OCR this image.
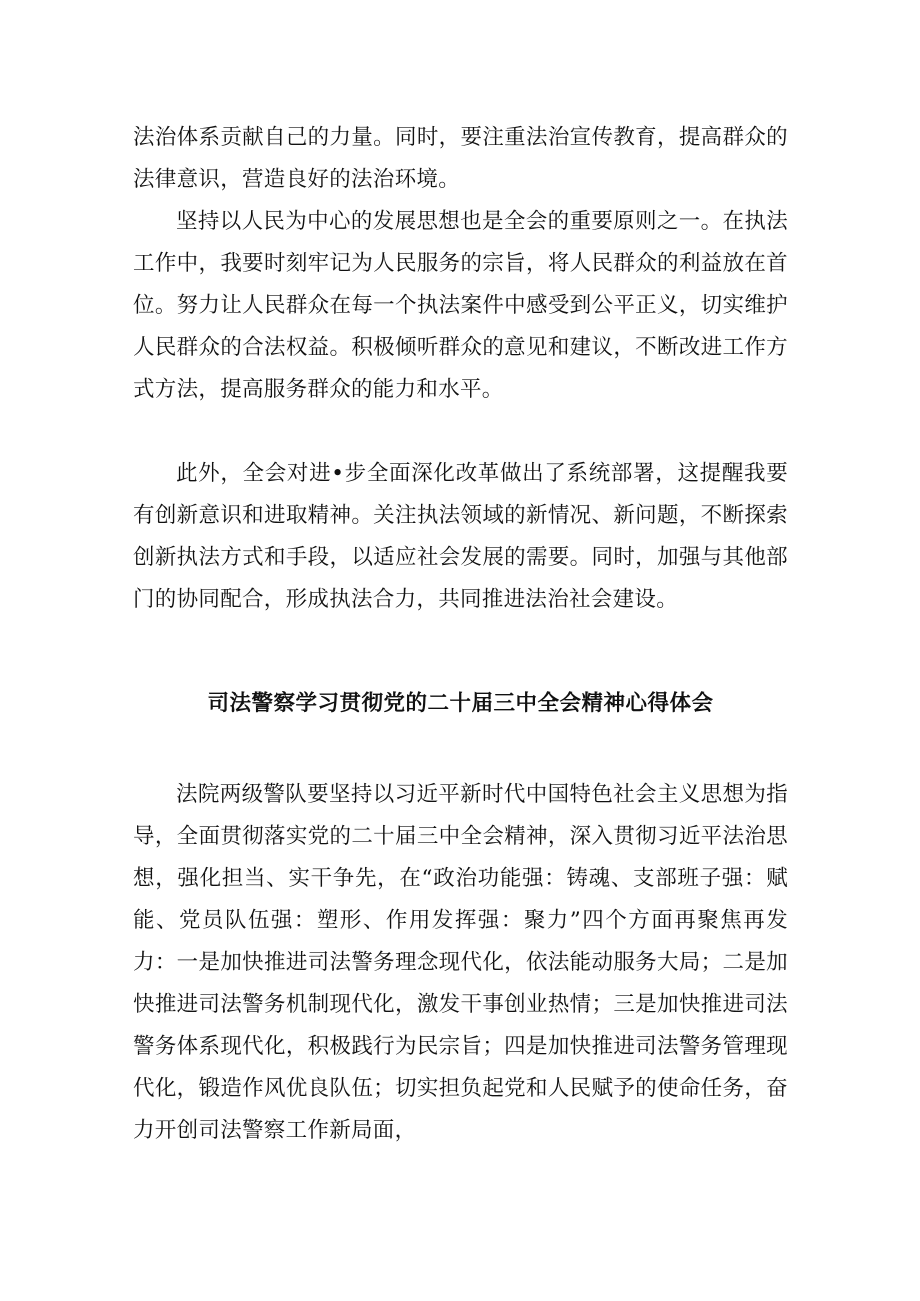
法治体系贡献自己的力量。同时，要注重法治宣传教育，提高群众的法律意识，营造良好的法治环境。

坚持以人民为中心的发展思想也是全会的重要原则之一。在执法工作中，我要时刻牢记为人民服务的宗旨，将人民群众的利益放在首位。努力让人民群众在每一个执法案件中感受到公平正义，切实维护人民群众的合法权益。积极倾听群众的意见和建议，不断改进工作方式方法，提高服务群众的能力和水平。

此外，全会对进•步全面深化改革做出了系统部署，这提醒我要有创新意识和进取精神。关注执法领域的新情况、新问题，不断探索创新执法方式和手段，以适应社会发展的需要。同时，加强与其他部门的协同配合，形成执法合力，共同推进法治社会建设。

司法警察学习贯彻党的二十届三中全会精神心得体会

法院两级警队要坚持以习近平新时代中国特色社会主义思想为指导，全面贯彻落实党的二十届三中全会精神，深入贯彻习近平法治思想，强化担当、实干争先，在“政治功能强：铸魂、支部班子强：赋能、党员队伍强：塑形、作用发挥强：聚力”四个方面再聚焦再发力：一是加快推进司法警务理念现代化，依法能动服务大局；二是加快推进司法警务机制现代化，激发干事创业热情；三是加快推进司法警务体系现代化，积极践行为民宗旨；四是加快推进司法警务管理现代化，锻造作风优良队伍；切实担负起党和人民赋予的使命任务，奋力开创司法警察工作新局面，
